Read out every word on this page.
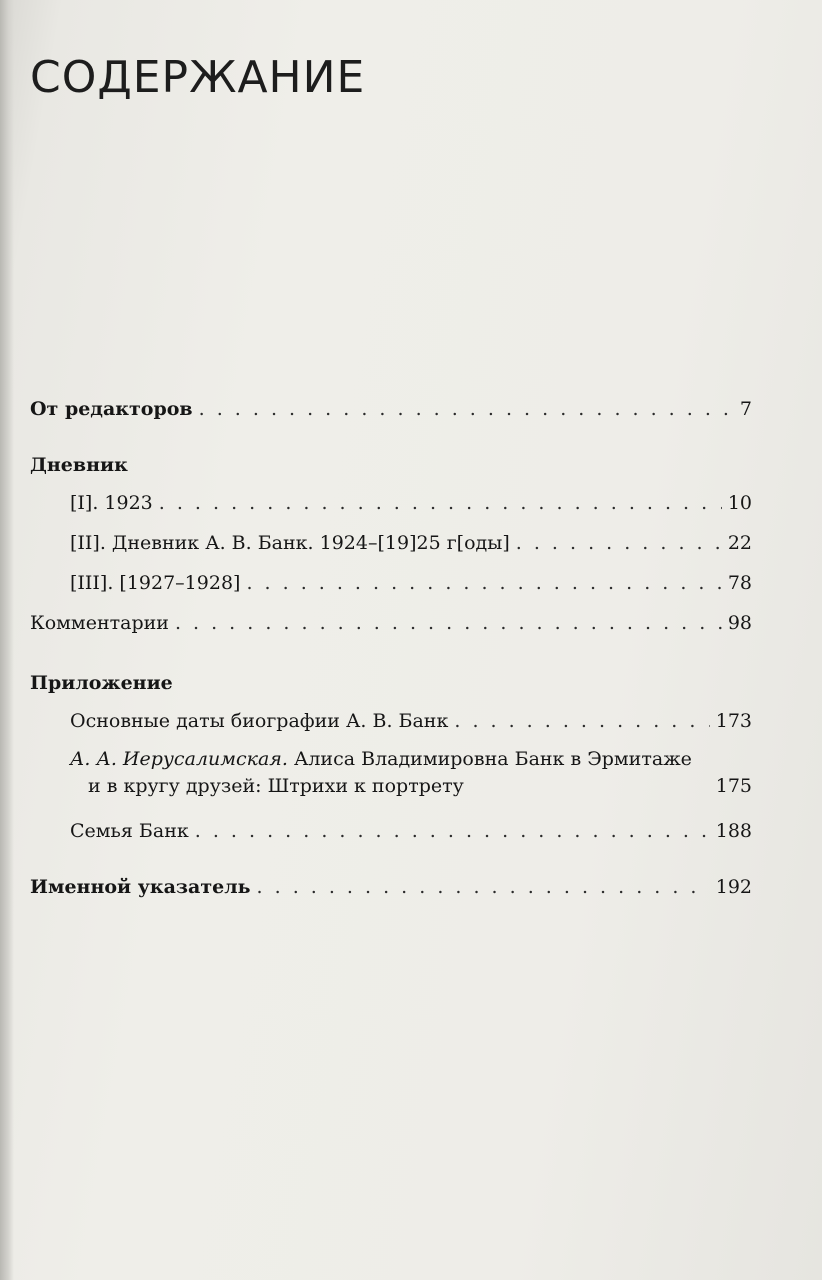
СОДЕРЖАНИЕ
От редакторов . . .	7
Дневник
[I]. 1923 . . .	10
[II]. Дневник А. В. Банк. 1924–[19]25 г[оды] . . .	22
[III]. [1927–1928] . . .	78
Комментарии . . .	98
Приложение
Основные даты биографии А. В. Банк . . .	173
А. А. Иерусалимская. Алиса Владимировна Банк в Эрмитаже
и в кругу друзей: Штрихи к портрету	175
Семья Банк . . .	188
Именной указатель . . .	192
